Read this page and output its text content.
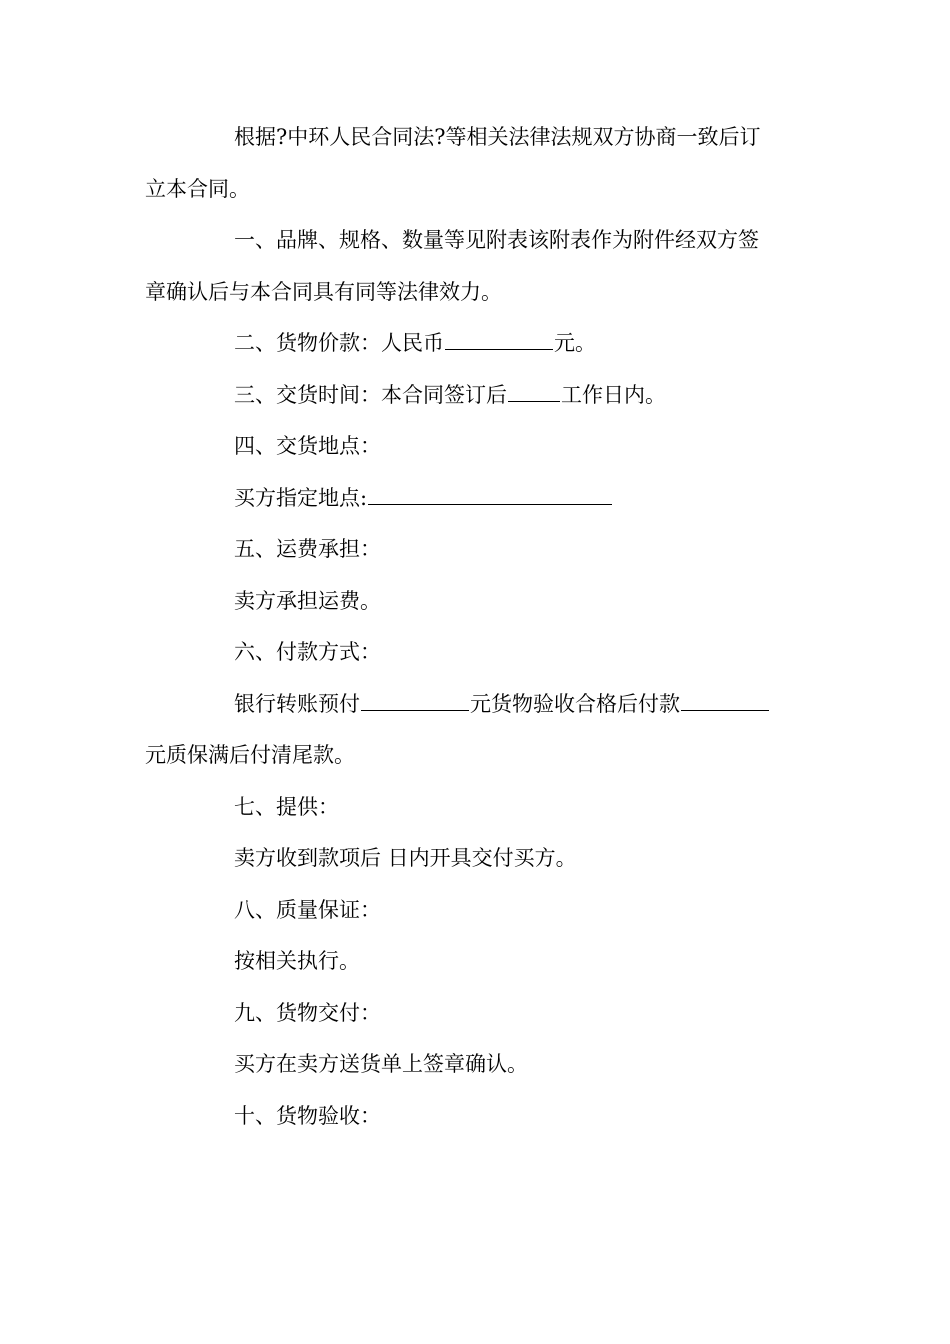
根据?中环人民合同法?等相关法律法规双方协商一致后订
立本合同。
一、品牌、规格、数量等见附表该附表作为附件经双方签
章确认后与本合同具有同等法律效力。
二、货物价款：人民币	元。
三、交货时间：本合同签订后	工作日内。
四、交货地点：
买方指定地点:
五、运费承担：
卖方承担运费。
六、付款方式：
银行转账预付	元货物验收合格后付款
元质保满后付清尾款。
七、提供：
卖方收到款项后 日内开具交付买方。
八、质量保证：
按相关执行。
九、货物交付：
买方在卖方送货单上签章确认。
十、货物验收：
